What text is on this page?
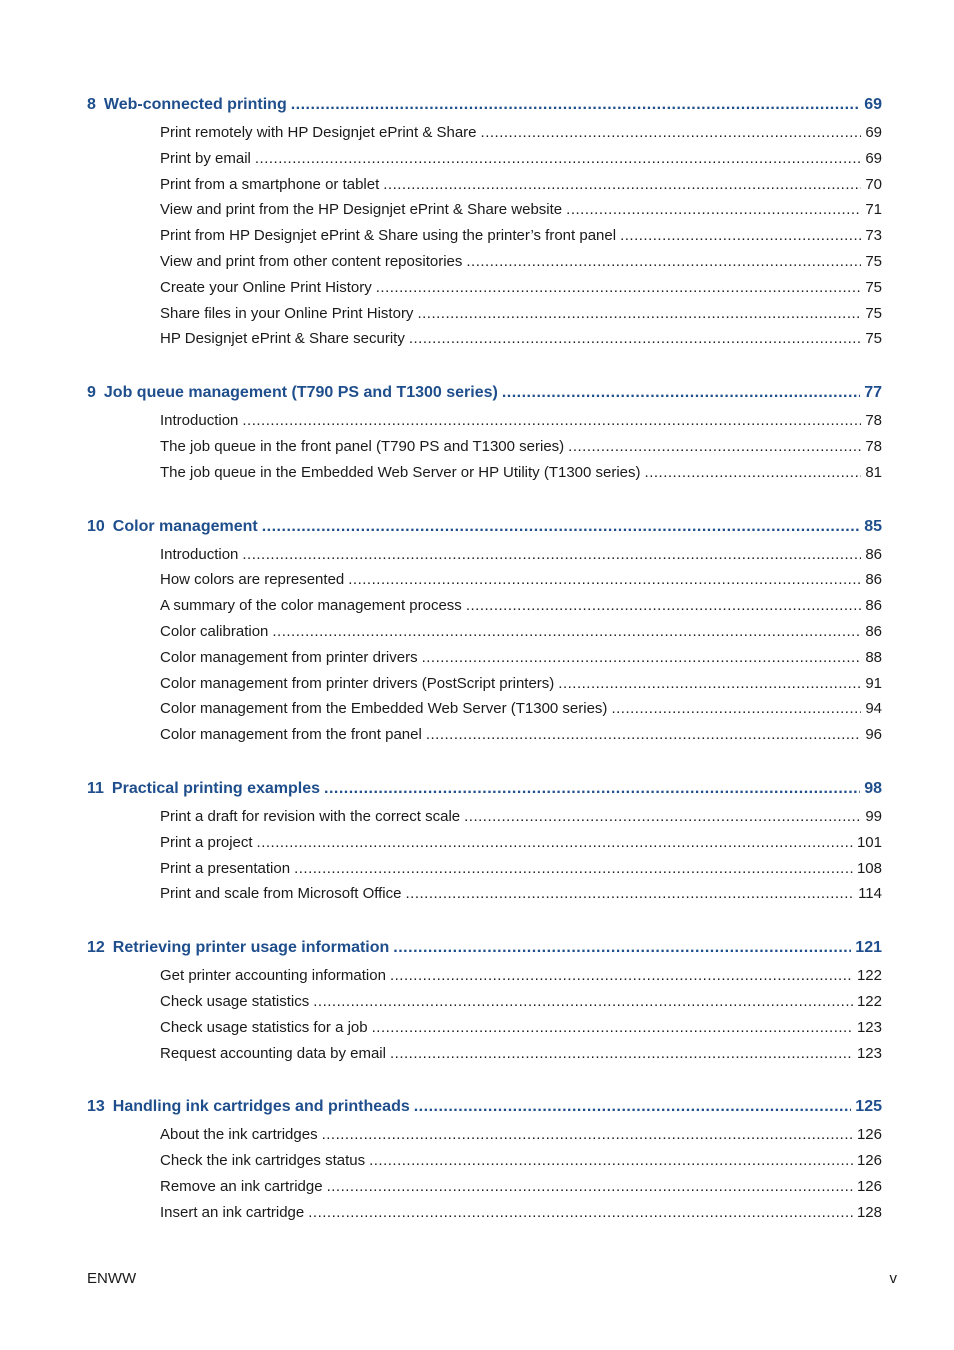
8 Web-connected printing .....	69
Print remotely with HP Designjet ePrint & Share .....	69
Print by email .....	69
Print from a smartphone or tablet .....	70
View and print from the HP Designjet ePrint & Share website .....	71
Print from HP Designjet ePrint & Share using the printer’s front panel .....	73
View and print from other content repositories .....	75
Create your Online Print History .....	75
Share files in your Online Print History .....	75
HP Designjet ePrint & Share security .....	75
9 Job queue management (T790 PS and T1300 series) .....	77
Introduction .....	78
The job queue in the front panel (T790 PS and T1300 series) .....	78
The job queue in the Embedded Web Server or HP Utility (T1300 series) .....	81
10 Color management .....	85
Introduction .....	86
How colors are represented .....	86
A summary of the color management process .....	86
Color calibration .....	86
Color management from printer drivers .....	88
Color management from printer drivers (PostScript printers) .....	91
Color management from the Embedded Web Server (T1300 series) .....	94
Color management from the front panel .....	96
11 Practical printing examples .....	98
Print a draft for revision with the correct scale .....	99
Print a project .....	101
Print a presentation .....	108
Print and scale from Microsoft Office .....	114
12 Retrieving printer usage information .....	121
Get printer accounting information .....	122
Check usage statistics .....	122
Check usage statistics for a job .....	123
Request accounting data by email .....	123
13 Handling ink cartridges and printheads .....	125
About the ink cartridges .....	126
Check the ink cartridges status .....	126
Remove an ink cartridge .....	126
Insert an ink cartridge .....	128
ENWW	v
